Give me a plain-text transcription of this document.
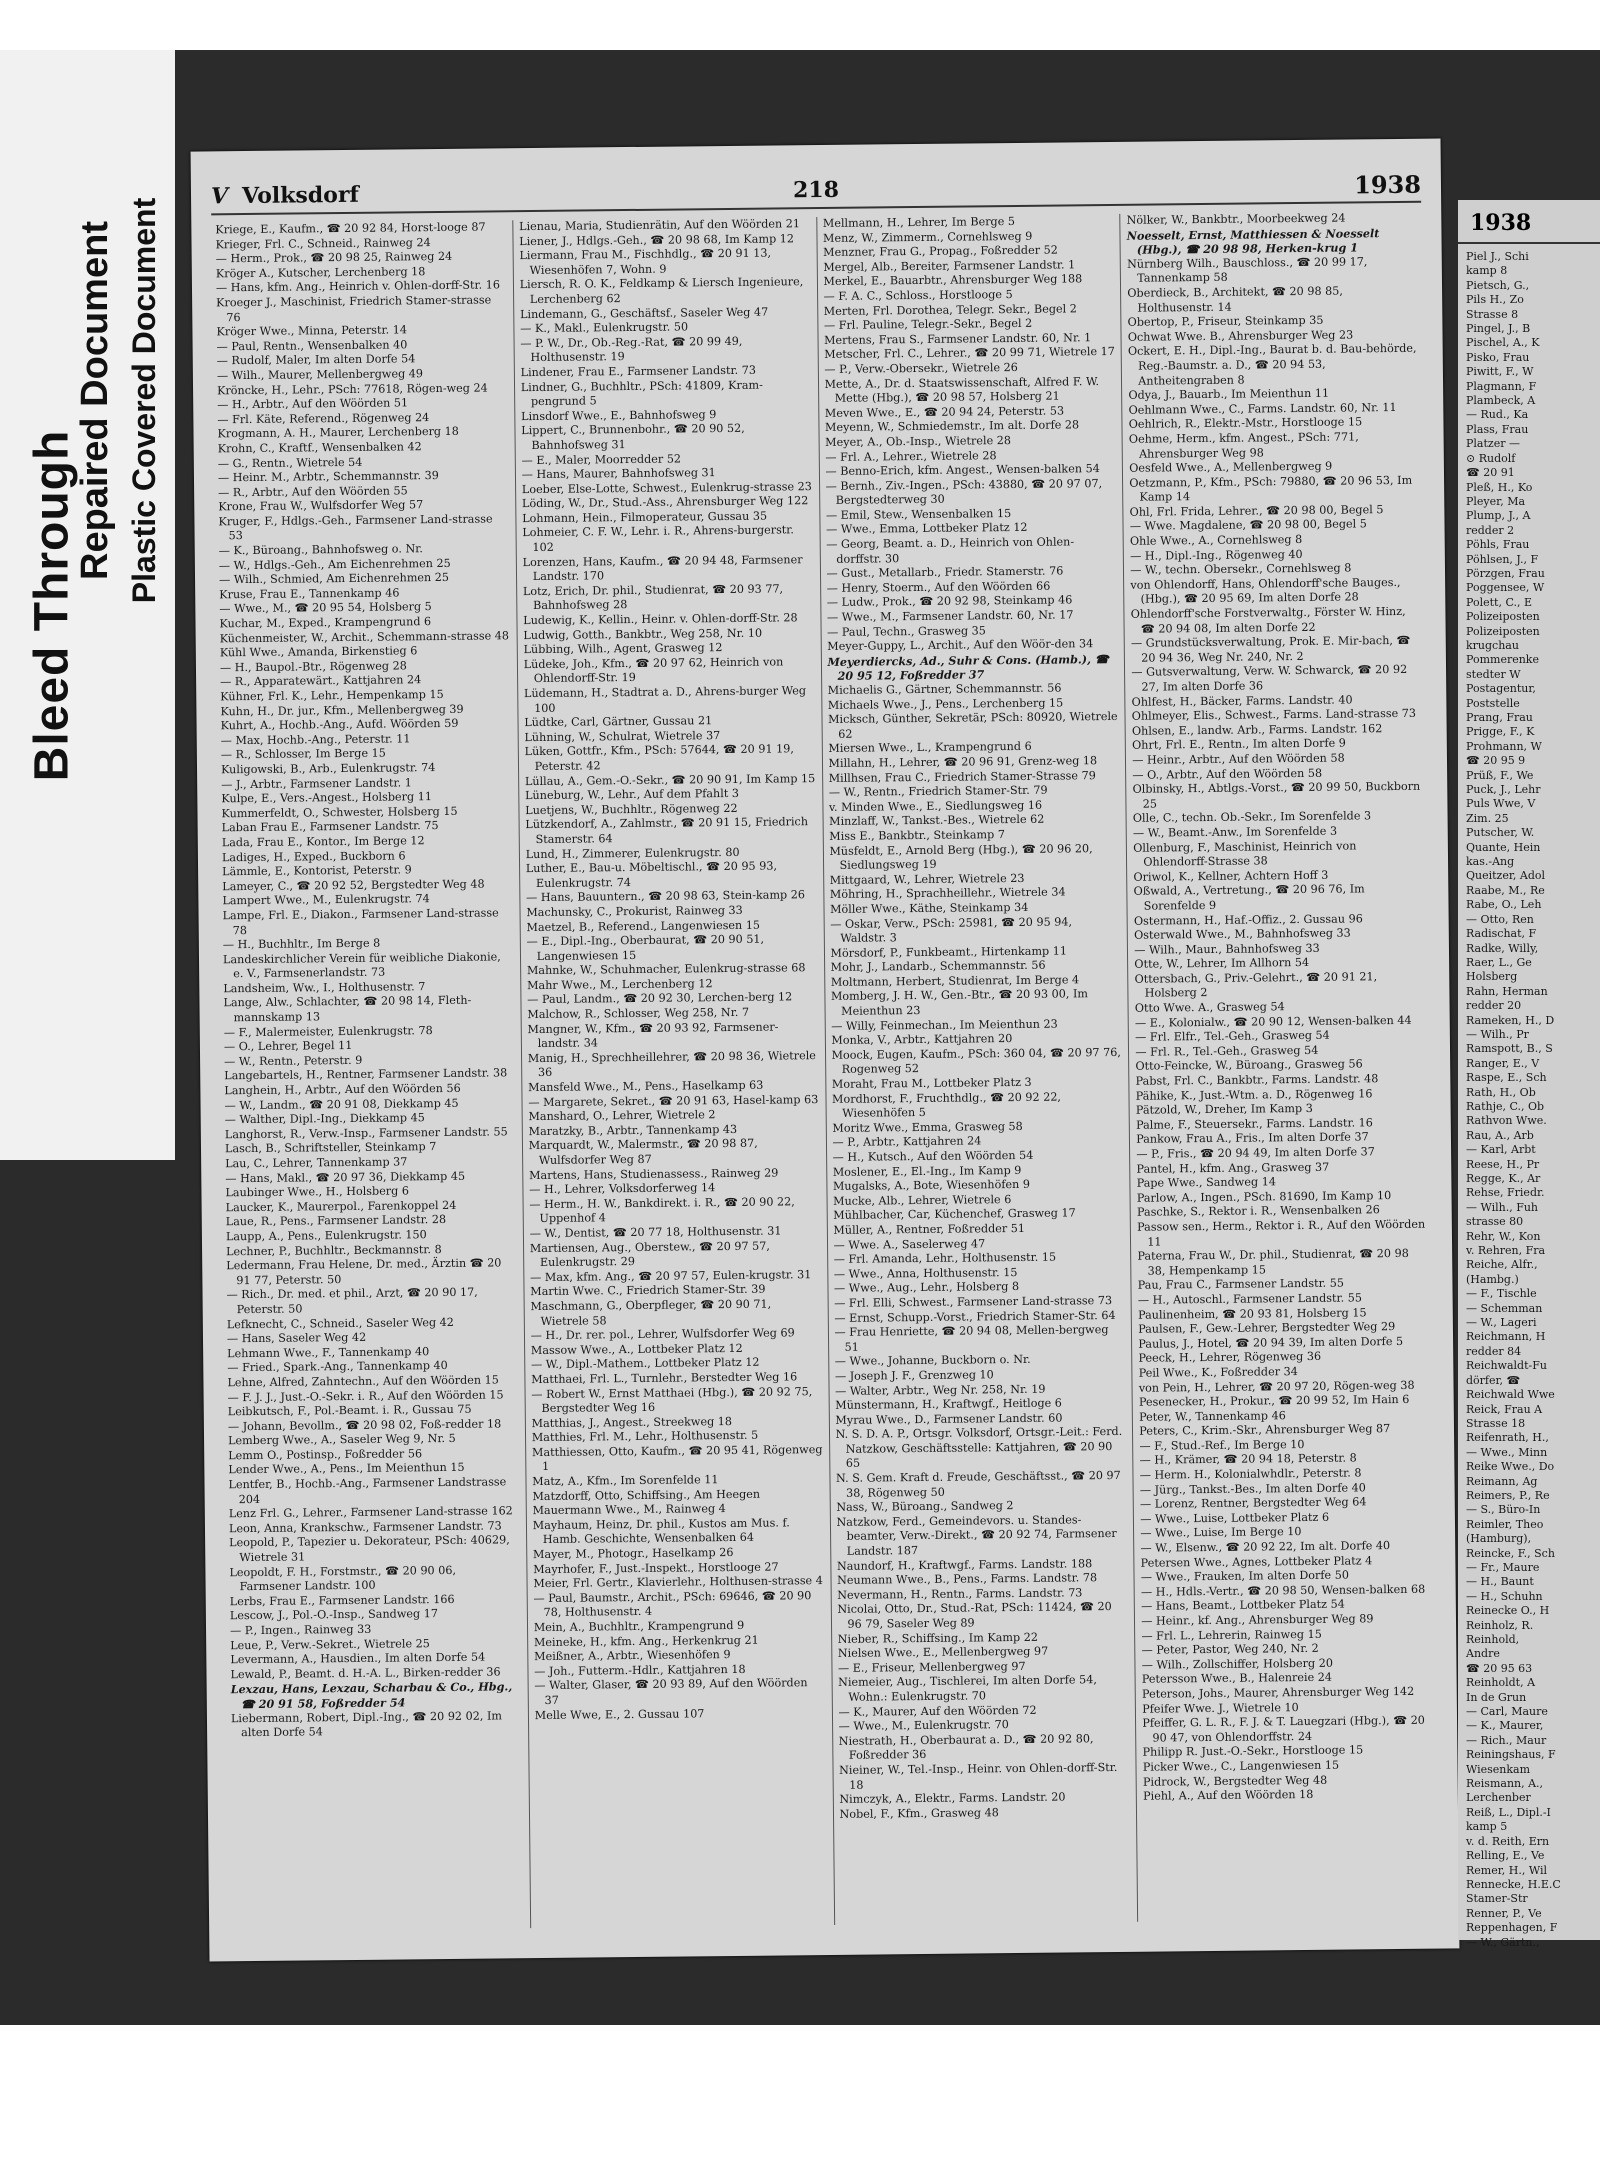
Bleed Through
Repaired Document Plastic Covered Document
V Volksdorf	218	1938

Kriege, E., Kaufm., ☎ 20 92 84, Horst-looge 87

Krieger, Frl. C., Schneid., Rainweg 24

— Herm., Prok., ☎ 20 98 25, Rainweg 24

Kröger A., Kutscher, Lerchenberg 18

— Hans, kfm. Ang., Heinrich v. Ohlen-dorff-Str. 16

Kroeger J., Maschinist, Friedrich Stamer-strasse 76

Kröger Wwe., Minna, Peterstr. 14

— Paul, Rentn., Wensenbalken 40

— Rudolf, Maler, Im alten Dorfe 54

— Wilh., Maurer, Mellenbergweg 49

Kröncke, H., Lehr., PSch: 77618, Rögen-weg 24

— H., Arbtr., Auf den Wöörden 51

— Frl. Käte, Referend., Rögenweg 24

Krogmann, A. H., Maurer, Lerchenberg 18

Krohn, C., Kraftf., Wensenbalken 42

— G., Rentn., Wietrele 54

— Heinr. M., Arbtr., Schemmannstr. 39

— R., Arbtr., Auf den Wöörden 55

Krone, Frau W., Wulfsdorfer Weg 57

Kruger, F., Hdlgs.-Geh., Farmsener Land-strasse 53

— K., Büroang., Bahnhofsweg o. Nr.

— W., Hdlgs.-Geh., Am Eichenrehmen 25

— Wilh., Schmied, Am Eichenrehmen 25

Kruse, Frau E., Tannenkamp 46

— Wwe., M., ☎ 20 95 54, Holsberg 5

Kuchar, M., Exped., Krampengrund 6

Küchenmeister, W., Archit., Schemmann-strasse 48

Kühl Wwe., Amanda, Birkenstieg 6

— H., Baupol.-Btr., Rögenweg 28

— R., Apparatewärt., Kattjahren 24

Kühner, Frl. K., Lehr., Hempenkamp 15

Kuhn, H., Dr. jur., Kfm., Mellenbergweg 39

Kuhrt, A., Hochb.-Ang., Aufd. Wöörden 59

— Max, Hochb.-Ang., Peterstr. 11

— R., Schlosser, Im Berge 15

Kuligowski, B., Arb., Eulenkrugstr. 74

— J., Arbtr., Farmsener Landstr. 1

Kulpe, E., Vers.-Angest., Holsberg 11

Kummerfeldt, O., Schwester, Holsberg 15

Laban Frau E., Farmsener Landstr. 75

Lada, Frau E., Kontor., Im Berge 12

Ladiges, H., Exped., Buckborn 6

Lämmle, E., Kontorist, Peterstr. 9

Lameyer, C., ☎ 20 92 52, Bergstedter Weg 48

Lampert Wwe., M., Eulenkrugstr. 74

Lampe, Frl. E., Diakon., Farmsener Land-strasse 78

— H., Buchhltr., Im Berge 8

Landeskirchlicher Verein für weibliche Diakonie, e. V., Farmsenerlandstr. 73

Landsheim, Ww., I., Holthusenstr. 7

Lange, Alw., Schlachter, ☎ 20 98 14, Fleth-mannskamp 13

— F., Malermeister, Eulenkrugstr. 78

— O., Lehrer, Begel 11

— W., Rentn., Peterstr. 9

Langebartels, H., Rentner, Farmsener Landstr. 38

Langhein, H., Arbtr., Auf den Wöörden 56

— W., Landm., ☎ 20 91 08, Diekkamp 45

— Walther, Dipl.-Ing., Diekkamp 45

Langhorst, R., Verw.-Insp., Farmsener Landstr. 55

Lasch, B., Schriftsteller, Steinkamp 7

Lau, C., Lehrer, Tannenkamp 37

— Hans, Makl., ☎ 20 97 36, Diekkamp 45

Laubinger Wwe., H., Holsberg 6

Laucker, K., Maurerpol., Farenkoppel 24

Laue, R., Pens., Farmsener Landstr. 28

Laupp, A., Pens., Eulenkrugstr. 150

Lechner, P., Buchhltr., Beckmannstr. 8

Ledermann, Frau Helene, Dr. med., Ärztin ☎ 20 91 77, Peterstr. 50

— Rich., Dr. med. et phil., Arzt, ☎ 20 90 17, Peterstr. 50

Lefknecht, C., Schneid., Saseler Weg 42

— Hans, Saseler Weg 42

Lehmann Wwe., F., Tannenkamp 40

— Fried., Spark.-Ang., Tannenkamp 40

Lehne, Alfred, Zahntechn., Auf den Wöörden 15

— F. J. J., Just.-O.-Sekr. i. R., Auf den Wöörden 15

Leibkutsch, F., Pol.-Beamt. i. R., Gussau 75

— Johann, Bevollm., ☎ 20 98 02, Foß-redder 18

Lemberg Wwe., A., Saseler Weg 9, Nr. 5

Lemm O., Postinsp., Foßredder 56

Lender Wwe., A., Pens., Im Meienthun 15

Lentfer, B., Hochb.-Ang., Farmsener Landstrasse 204

Lenz Frl. G., Lehrer., Farmsener Land-strasse 162

Leon, Anna, Krankschw., Farmsener Landstr. 73

Leopold, P., Tapezier u. Dekorateur, PSch: 40629, Wietrele 31

Leopoldt, F. H., Forstmstr., ☎ 20 90 06, Farmsener Landstr. 100

Lerbs, Frau E., Farmsener Landstr. 166

Lescow, J., Pol.-O.-Insp., Sandweg 17

— P., Ingen., Rainweg 33

Leue, P., Verw.-Sekret., Wietrele 25

Levermann, A., Hausdien., Im alten Dorfe 54

Lewald, P., Beamt. d. H.-A. L., Birken-redder 36

Lexzau, Hans, Lexzau, Scharbau & Co., Hbg., ☎ 20 91 58, Foßredder 54

Liebermann, Robert, Dipl.-Ing., ☎ 20 92 02, Im alten Dorfe 54

Lienau, Maria, Studienrätin, Auf den Wöörden 21

Liener, J., Hdlgs.-Geh., ☎ 20 98 68, Im Kamp 12

Liermann, Frau M., Fischhdlg., ☎ 20 91 13, Wiesenhöfen 7, Wohn. 9

Liersch, R. O. K., Feldkamp & Liersch Ingenieure, Lerchenberg 62

Lindemann, G., Geschäftsf., Saseler Weg 47

— K., Makl., Eulenkrugstr. 50

— P. W., Dr., Ob.-Reg.-Rat, ☎ 20 99 49, Holthusenstr. 19

Lindener, Frau E., Farmsener Landstr. 73

Lindner, G., Buchhltr., PSch: 41809, Kram-pengrund 5

Linsdorf Wwe., E., Bahnhofsweg 9

Lippert, C., Brunnenbohr., ☎ 20 90 52, Bahnhofsweg 31

— E., Maler, Moorredder 52

— Hans, Maurer, Bahnhofsweg 31

Loeber, Else-Lotte, Schwest., Eulenkrug-strasse 23

Löding, W., Dr., Stud.-Ass., Ahrensburger Weg 122

Lohmann, Hein., Filmoperateur, Gussau 35

Lohmeier, C. F. W., Lehr. i. R., Ahrens-burgerstr. 102

Lorenzen, Hans, Kaufm., ☎ 20 94 48, Farmsener Landstr. 170

Lotz, Erich, Dr. phil., Studienrat, ☎ 20 93 77, Bahnhofsweg 28

Ludewig, K., Kellin., Heinr. v. Ohlen-dorff-Str. 28

Ludwig, Gotth., Bankbtr., Weg 258, Nr. 10

Lübbing, Wilh., Agent, Grasweg 12

Lüdeke, Joh., Kfm., ☎ 20 97 62, Heinrich von Ohlendorff-Str. 19

Lüdemann, H., Stadtrat a. D., Ahrens-burger Weg 100

Lüdtke, Carl, Gärtner, Gussau 21

Lühning, W., Schulrat, Wietrele 37

Lüken, Gottfr., Kfm., PSch: 57644, ☎ 20 91 19, Peterstr. 42

Lüllau, A., Gem.-O.-Sekr., ☎ 20 90 91, Im Kamp 15

Lüneburg, W., Lehr., Auf dem Pfahlt 3

Luetjens, W., Buchhltr., Rögenweg 22

Lützkendorf, A., Zahlmstr., ☎ 20 91 15, Friedrich Stamerstr. 64

Lund, H., Zimmerer, Eulenkrugstr. 80

Luther, E., Bau-u. Möbeltischl., ☎ 20 95 93, Eulenkrugstr. 74

— Hans, Bauuntern., ☎ 20 98 63, Stein-kamp 26

Machunsky, C., Prokurist, Rainweg 33

Maetzel, B., Referend., Langenwiesen 15

— E., Dipl.-Ing., Oberbaurat, ☎ 20 90 51, Langenwiesen 15

Mahnke, W., Schuhmacher, Eulenkrug-strasse 68

Mahr Wwe., M., Lerchenberg 12

— Paul, Landm., ☎ 20 92 30, Lerchen-berg 12

Malchow, R., Schlosser, Weg 258, Nr. 7

Mangner, W., Kfm., ☎ 20 93 92, Farmsener-landstr. 34

Manig, H., Sprechheillehrer, ☎ 20 98 36, Wietrele 36

Mansfeld Wwe., M., Pens., Haselkamp 63

— Margarete, Sekret., ☎ 20 91 63, Hasel-kamp 63

Manshard, O., Lehrer, Wietrele 2

Maratzky, B., Arbtr., Tannenkamp 43

Marquardt, W., Malermstr., ☎ 20 98 87, Wulfsdorfer Weg 87

Martens, Hans, Studienassess., Rainweg 29

— H., Lehrer, Volksdorferweg 14

— Herm., H. W., Bankdirekt. i. R., ☎ 20 90 22, Uppenhof 4

— W., Dentist, ☎ 20 77 18, Holthusenstr. 31

Martiensen, Aug., Oberstew., ☎ 20 97 57, Eulenkrugstr. 29

— Max, kfm. Ang., ☎ 20 97 57, Eulen-krugstr. 31

Martin Wwe. C., Friedrich Stamer-Str. 39

Maschmann, G., Oberpfleger, ☎ 20 90 71, Wietrele 58

— H., Dr. rer. pol., Lehrer, Wulfsdorfer Weg 69

Massow Wwe., A., Lottbeker Platz 12

— W., Dipl.-Mathem., Lottbeker Platz 12

Matthaei, Frl. L., Turnlehr., Berstedter Weg 16

— Robert W., Ernst Matthaei (Hbg.), ☎ 20 92 75, Bergstedter Weg 16

Matthias, J., Angest., Streekweg 18

Matthies, Frl. M., Lehr., Holthusenstr. 5

Matthiessen, Otto, Kaufm., ☎ 20 95 41, Rögenweg 1

Matz, A., Kfm., Im Sorenfelde 11

Matzdorff, Otto, Schiffsing., Am Heegen

Mauermann Wwe., M., Rainweg 4

Mayhaum, Heinz, Dr. phil., Kustos am Mus. f. Hamb. Geschichte, Wensenbalken 64

Mayer, M., Photogr., Haselkamp 26

Mayrhofer, F., Just.-Inspekt., Horstlooge 27

Meier, Frl. Gertr., Klavierlehr., Holthusen-strasse 4

— Paul, Baumstr., Archit., PSch: 69646, ☎ 20 90 78, Holthusenstr. 4

Mein, A., Buchhltr., Krampengrund 9

Meineke, H., kfm. Ang., Herkenkrug 21

Meißner, A., Arbtr., Wiesenhöfen 9

— Joh., Futterm.-Hdlr., Kattjahren 18

— Walter, Glaser, ☎ 20 93 89, Auf den Wöörden 37

Melle Wwe, E., 2. Gussau 107

Mellmann, H., Lehrer, Im Berge 5

Menz, W., Zimmerm., Cornehlsweg 9

Menzner, Frau G., Propag., Foßredder 52

Mergel, Alb., Bereiter, Farmsener Landstr. 1

Merkel, E., Bauarbtr., Ahrensburger Weg 188

— F. A. C., Schloss., Horstlooge 5

Merten, Frl. Dorothea, Telegr. Sekr., Begel 2

— Frl. Pauline, Telegr.-Sekr., Begel 2

Mertens, Frau S., Farmsener Landstr. 60, Nr. 1

Metscher, Frl. C., Lehrer., ☎ 20 99 71, Wietrele 17

— P., Verw.-Obersekr., Wietrele 26

Mette, A., Dr. d. Staatswissenschaft, Alfred F. W. Mette (Hbg.), ☎ 20 98 57, Holsberg 21

Meven Wwe., E., ☎ 20 94 24, Peterstr. 53

Meyenn, W., Schmiedemstr., Im alt. Dorfe 28

Meyer, A., Ob.-Insp., Wietrele 28

— Frl. A., Lehrer., Wietrele 28

— Benno-Erich, kfm. Angest., Wensen-balken 54

— Bernh., Ziv.-Ingen., PSch: 43880, ☎ 20 97 07, Bergstedterweg 30

— Emil, Stew., Wensenbalken 15

— Wwe., Emma, Lottbeker Platz 12

— Georg, Beamt. a. D., Heinrich von Ohlen-dorffstr. 30

— Gust., Metallarb., Friedr. Stamerstr. 76

— Henry, Stoerm., Auf den Wöörden 66

— Ludw., Prok., ☎ 20 92 98, Steinkamp 46

— Wwe., M., Farmsener Landstr. 60, Nr. 17

— Paul, Techn., Grasweg 35

Meyer-Guppy, L., Archit., Auf den Wöör-den 34

Meyerdiercks, Ad., Suhr & Cons. (Hamb.), ☎ 20 95 12, Foßredder 37

Michaelis G., Gärtner, Schemmannstr. 56

Michaels Wwe., J., Pens., Lerchenberg 15

Micksch, Günther, Sekretär, PSch: 80920, Wietrele 62

Miersen Wwe., L., Krampengrund 6

Millahn, H., Lehrer, ☎ 20 96 91, Grenz-weg 18

Millhsen, Frau C., Friedrich Stamer-Strasse 79

— W., Rentn., Friedrich Stamer-Str. 79

v. Minden Wwe., E., Siedlungsweg 16

Minzlaff, W., Tankst.-Bes., Wietrele 62

Miss E., Bankbtr., Steinkamp 7

Müsfeldt, E., Arnold Berg (Hbg.), ☎ 20 96 20, Siedlungsweg 19

Mittgaard, W., Lehrer, Wietrele 23

Möhring, H., Sprachheillehr., Wietrele 34

Möller Wwe., Käthe, Steinkamp 34

— Oskar, Verw., PSch: 25981, ☎ 20 95 94, Waldstr. 3

Mörsdorf, P., Funkbeamt., Hirtenkamp 11

Mohr, J., Landarb., Schemmannstr. 56

Moltmann, Herbert, Studienrat, Im Berge 4

Momberg, J. H. W., Gen.-Btr., ☎ 20 93 00, Im Meienthun 23

— Willy, Feinmechan., Im Meienthun 23

Monka, V., Arbtr., Kattjahren 20

Moock, Eugen, Kaufm., PSch: 360 04, ☎ 20 97 76, Rogenweg 52

Moraht, Frau M., Lottbeker Platz 3

Mordhorst, F., Fruchthdlg., ☎ 20 92 22, Wiesenhöfen 5

Moritz Wwe., Emma, Grasweg 58

— P., Arbtr., Kattjahren 24

— H., Kutsch., Auf den Wöörden 54

Moslener, E., El.-Ing., Im Kamp 9

Mugalsks, A., Bote, Wiesenhöfen 9

Mucke, Alb., Lehrer, Wietrele 6

Mühlbacher, Car, Küchenchef, Grasweg 17

Müller, A., Rentner, Foßredder 51

— Wwe. A., Saselerweg 47

— Frl. Amanda, Lehr., Holthusenstr. 15

— Wwe., Anna, Holthusenstr. 15

— Wwe., Aug., Lehr., Holsberg 8

— Frl. Elli, Schwest., Farmsener Land-strasse 73

— Ernst, Schupp.-Vorst., Friedrich Stamer-Str. 64

— Frau Henriette, ☎ 20 94 08, Mellen-bergweg 51

— Wwe., Johanne, Buckborn o. Nr.

— Joseph J. F., Grenzweg 10

— Walter, Arbtr., Weg Nr. 258, Nr. 19

Münstermann, H., Kraftwgf., Heitloge 6

Myrau Wwe., D., Farmsener Landstr. 60

N. S. D. A. P., Ortsgr. Volksdorf, Ortsgr.-Leit.: Ferd. Natzkow, Geschäftsstelle: Kattjahren, ☎ 20 90 65

N. S. Gem. Kraft d. Freude, Geschäftsst., ☎ 20 97 38, Rögenweg 50

Nass, W., Büroang., Sandweg 2

Natzkow, Ferd., Gemeindevors. u. Standes-beamter, Verw.-Direkt., ☎ 20 92 74, Farmsener Landstr. 187

Naundorf, H., Kraftwgf., Farms. Landstr. 188

Neumann Wwe., B., Pens., Farms. Landstr. 78

Nevermann, H., Rentn., Farms. Landstr. 73

Nicolai, Otto, Dr., Stud.-Rat, PSch: 11424, ☎ 20 96 79, Saseler Weg 89

Nieber, R., Schiffsing., Im Kamp 22

Nielsen Wwe., E., Mellenbergweg 97

— E., Friseur, Mellenbergweg 97

Niemeier, Aug., Tischlerei, Im alten Dorfe 54, Wohn.: Eulenkrugstr. 70

— K., Maurer, Auf den Wöörden 72

— Wwe., M., Eulenkrugstr. 70

Niestrath, H., Oberbaurat a. D., ☎ 20 92 80, Foßredder 36

Nieiner, W., Tel.-Insp., Heinr. von Ohlen-dorff-Str. 18

Nimczyk, A., Elektr., Farms. Landstr. 20

Nobel, F., Kfm., Grasweg 48

Nölker, W., Bankbtr., Moorbeekweg 24

Noesselt, Ernst, Matthiessen & Noesselt (Hbg.), ☎ 20 98 98, Herken-krug 1

Nürnberg Wilh., Bauschloss., ☎ 20 99 17, Tannenkamp 58

Oberdieck, B., Architekt, ☎ 20 98 85, Holthusenstr. 14

Obertop, P., Friseur, Steinkamp 35

Ochwat Wwe. B., Ahrensburger Weg 23

Ockert, E. H., Dipl.-Ing., Baurat b. d. Bau-behörde, Reg.-Baumstr. a. D., ☎ 20 94 53, Antheitengraben 8

Odya, J., Bauarb., Im Meienthun 11

Oehlmann Wwe., C., Farms. Landstr. 60, Nr. 11

Oehlrich, R., Elektr.-Mstr., Horstlooge 15

Oehme, Herm., kfm. Angest., PSch: 771, Ahrensburger Weg 98

Oesfeld Wwe., A., Mellenbergweg 9

Oetzmann, P., Kfm., PSch: 79880, ☎ 20 96 53, Im Kamp 14

Ohl, Frl. Frida, Lehrer., ☎ 20 98 00, Begel 5

— Wwe. Magdalene, ☎ 20 98 00, Begel 5

Ohle Wwe., A., Cornehlsweg 8

— H., Dipl.-Ing., Rögenweg 40

— W., techn. Obersekr., Cornehlsweg 8

von Ohlendorff, Hans, Ohlendorff'sche Bauges., (Hbg.), ☎ 20 95 69, Im alten Dorfe 28

Ohlendorff'sche Forstverwaltg., Förster W. Hinz, ☎ 20 94 08, Im alten Dorfe 22

— Grundstücksverwaltung, Prok. E. Mir-bach, ☎ 20 94 36, Weg Nr. 240, Nr. 2

— Gutsverwaltung, Verw. W. Schwarck, ☎ 20 92 27, Im alten Dorfe 36

Ohlfest, H., Bäcker, Farms. Landstr. 40

Ohlmeyer, Elis., Schwest., Farms. Land-strasse 73

Ohlsen, E., landw. Arb., Farms. Landstr. 162

Ohrt, Frl. E., Rentn., Im alten Dorfe 9

— Heinr., Arbtr., Auf den Wöörden 58

— O., Arbtr., Auf den Wöörden 58

Olbinsky, H., Abtlgs.-Vorst., ☎ 20 99 50, Buckborn 25

Olle, C., techn. Ob.-Sekr., Im Sorenfelde 3

— W., Beamt.-Anw., Im Sorenfelde 3

Ollenburg, F., Maschinist, Heinrich von Ohlendorff-Strasse 38

Oriwol, K., Kellner, Achtern Hoff 3

Oßwald, A., Vertretung., ☎ 20 96 76, Im Sorenfelde 9

Ostermann, H., Haf.-Offiz., 2. Gussau 96

Osterwald Wwe., M., Bahnhofsweg 33

— Wilh., Maur., Bahnhofsweg 33

Otte, W., Lehrer, Im Allhorn 54

Ottersbach, G., Priv.-Gelehrt., ☎ 20 91 21, Holsberg 2

Otto Wwe. A., Grasweg 54

— E., Kolonialw., ☎ 20 90 12, Wensen-balken 44

— Frl. Elfr., Tel.-Geh., Grasweg 54

— Frl. R., Tel.-Geh., Grasweg 54

Otto-Feincke, W., Büroang., Grasweg 56

Pabst, Frl. C., Bankbtr., Farms. Landstr. 48

Pähike, K., Just.-Wtm. a. D., Rögenweg 16

Pätzold, W., Dreher, Im Kamp 3

Palme, F., Steuersekr., Farms. Landstr. 16

Pankow, Frau A., Fris., Im alten Dorfe 37

— P., Fris., ☎ 20 94 49, Im alten Dorfe 37

Pantel, H., kfm. Ang., Grasweg 37

Pape Wwe., Sandweg 14

Parlow, A., Ingen., PSch. 81690, Im Kamp 10

Paschke, S., Rektor i. R., Wensenbalken 26

Passow sen., Herm., Rektor i. R., Auf den Wöörden 11

Paterna, Frau W., Dr. phil., Studienrat, ☎ 20 98 38, Hempenkamp 15

Pau, Frau C., Farmsener Landstr. 55

— H., Autoschl., Farmsener Landstr. 55

Paulinenheim, ☎ 20 93 81, Holsberg 15

Paulsen, F., Gew.-Lehrer, Bergstedter Weg 29

Paulus, J., Hotel, ☎ 20 94 39, Im alten Dorfe 5

Peeck, H., Lehrer, Rögenweg 36

Peil Wwe., K., Foßredder 34

von Pein, H., Lehrer, ☎ 20 97 20, Rögen-weg 38

Pesenecker, H., Prokur., ☎ 20 99 52, Im Hain 6

Peter, W., Tannenkamp 46

Peters, C., Krim.-Skr., Ahrensburger Weg 87

— F., Stud.-Ref., Im Berge 10

— H., Krämer, ☎ 20 94 18, Peterstr. 8

— Herm. H., Kolonialwhdlr., Peterstr. 8

— Jürg., Tankst.-Bes., Im alten Dorfe 40

— Lorenz, Rentner, Bergstedter Weg 64

— Wwe., Luise, Lottbeker Platz 6

— Wwe., Luise, Im Berge 10

— W., Elsenw., ☎ 20 92 22, Im alt. Dorfe 40

Petersen Wwe., Agnes, Lottbeker Platz 4

— Wwe., Frauken, Im alten Dorfe 50

— H., Hdls.-Vertr., ☎ 20 98 50, Wensen-balken 68

— Hans, Beamt., Lottbeker Platz 54

— Heinr., kf. Ang., Ahrensburger Weg 89

— Frl. L., Lehrerin, Rainweg 15

— Peter, Pastor, Weg 240, Nr. 2

— Wilh., Zollschiffer, Holsberg 20

Petersson Wwe., B., Halenreie 24

Peterson, Johs., Maurer, Ahrensburger Weg 142

Pfeifer Wwe. J., Wietrele 10

Pfeiffer, G. L. R., F. J. & T. Lauegzari (Hbg.), ☎ 20 90 47, von Ohlendorffstr. 24

Philipp R. Just.-O.-Sekr., Horstlooge 15

Picker Wwe., C., Langenwiesen 15

Pidrock, W., Bergstedter Weg 48

Piehl, A., Auf den Wöörden 18

1938

Piel J., Schi

kamp 8

Pietsch, G.,

Pils H., Zo

Strasse 8

Pingel, J., B

Pischel, A., K

Pisko, Frau

Piwitt, F., W

Plagmann, F

Plambeck, A

— Rud., Ka

Plass, Frau

Platzer —

⊙ Rudolf

☎ 20 91

Pleß, H., Ko

Pleyer, Ma

Plump, J., A

redder 2

Pöhls, Frau

Pöhlsen, J., F

Pörzgen, Frau

Poggensee, W

Polett, C., E

Polizeiposten

Polizeiposten

krugchau

Pommerenke

stedter W

Postagentur,

Poststelle

Prang, Frau

Prigge, F., K

Prohmann, W

☎ 20 95 9

Prüß, F., We

Puck, J., Lehr

Puls Wwe, V

Zim. 25

Putscher, W.

Quante, Hein

kas.-Ang

Queitzer, Adol

Raabe, M., Re

Rabe, O., Leh

— Otto, Ren

Radischat, F

Radke, Willy,

Raer, L., Ge

Holsberg

Rahn, Herman

redder 20

Rameken, H., D

— Wilh., Pr

Ramspott, B., S

Ranger, E., V

Raspe, E., Sch

Rath, H., Ob

Rathje, C., Ob

Rathvon Wwe.

Rau, A., Arb

— Karl, Arbt

Reese, H., Pr

Regge, K., Ar

Rehse, Friedr.

— Wilh., Fuh

strasse 80

Rehr, W., Kon

v. Rehren, Fra

Reiche, Alfr.,

(Hambg.)

— F., Tischle

— Schemman

— W., Lageri

Reichmann, H

redder 84

Reichwaldt-Fu

dörfer, ☎

Reichwald Wwe

Reick, Frau A

Strasse 18

Reifenrath, H.,

— Wwe., Minn

Reike Wwe., Do

Reimann, Ag

Reimers, P., Re

— S., Büro-In

Reimler, Theo

(Hamburg),

Reincke, F., Sch

— Fr., Maure

— H., Baunt

— H., Schuhn

Reinecke O., H

Reinholz, R.

Reinhold,

Andre

☎ 20 95 63

Reinholdt, A

In de Grun

— Carl, Maure

— K., Maurer,

— Rich., Maur

Reiningshaus, F

Wiesenkam

Reismann, A.,

Lerchenber

Reiß, L., Dipl.-I

kamp 5

v. d. Reith, Ern

Relling, E., Ve

Remer, H., Wil

Rennecke, H.E.C

Stamer-Str

Renner, P., Ve

Reppenhagen, F

— W., Gärtn.,
